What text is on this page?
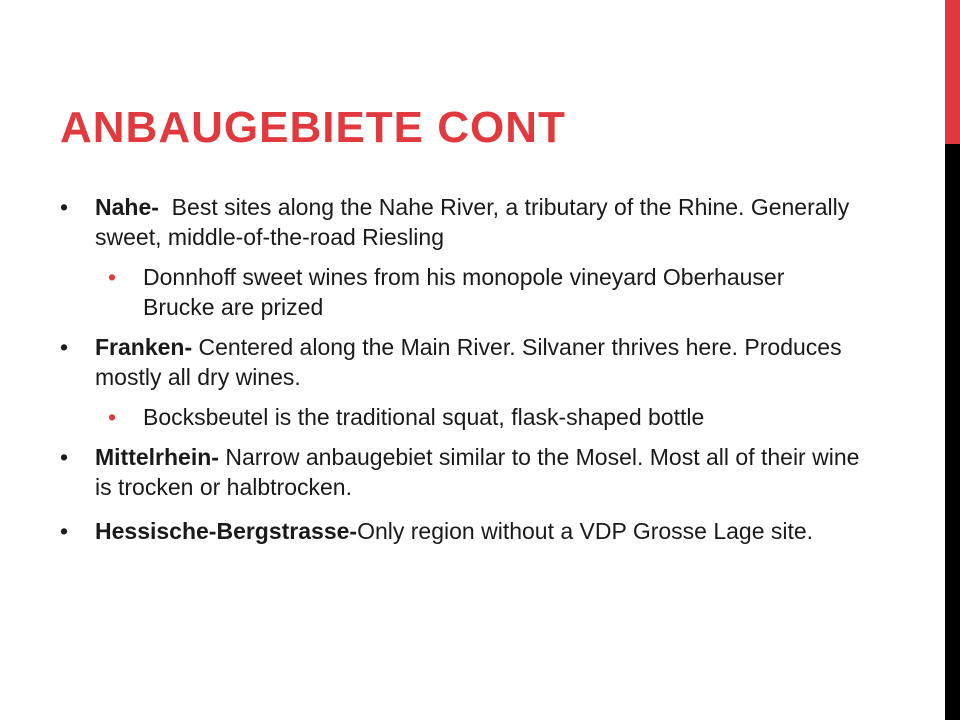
ANBAUGEBIETE CONT
•	Nahe-  Best sites along the Nahe River, a tributary of the Rhine. Generally sweet, middle-of-the-road Riesling
•	Donnhoff sweet wines from his monopole vineyard Oberhauser Brucke are prized
•	Franken- Centered along the Main River. Silvaner thrives here. Produces mostly all dry wines.
•	Bocksbeutel is the traditional squat, flask-shaped bottle
•	Mittelrhein- Narrow anbaugebiet similar to the Mosel. Most all of their wine is trocken or halbtrocken.
•	Hessische-Bergstrasse-Only region without a VDP Grosse Lage site.
